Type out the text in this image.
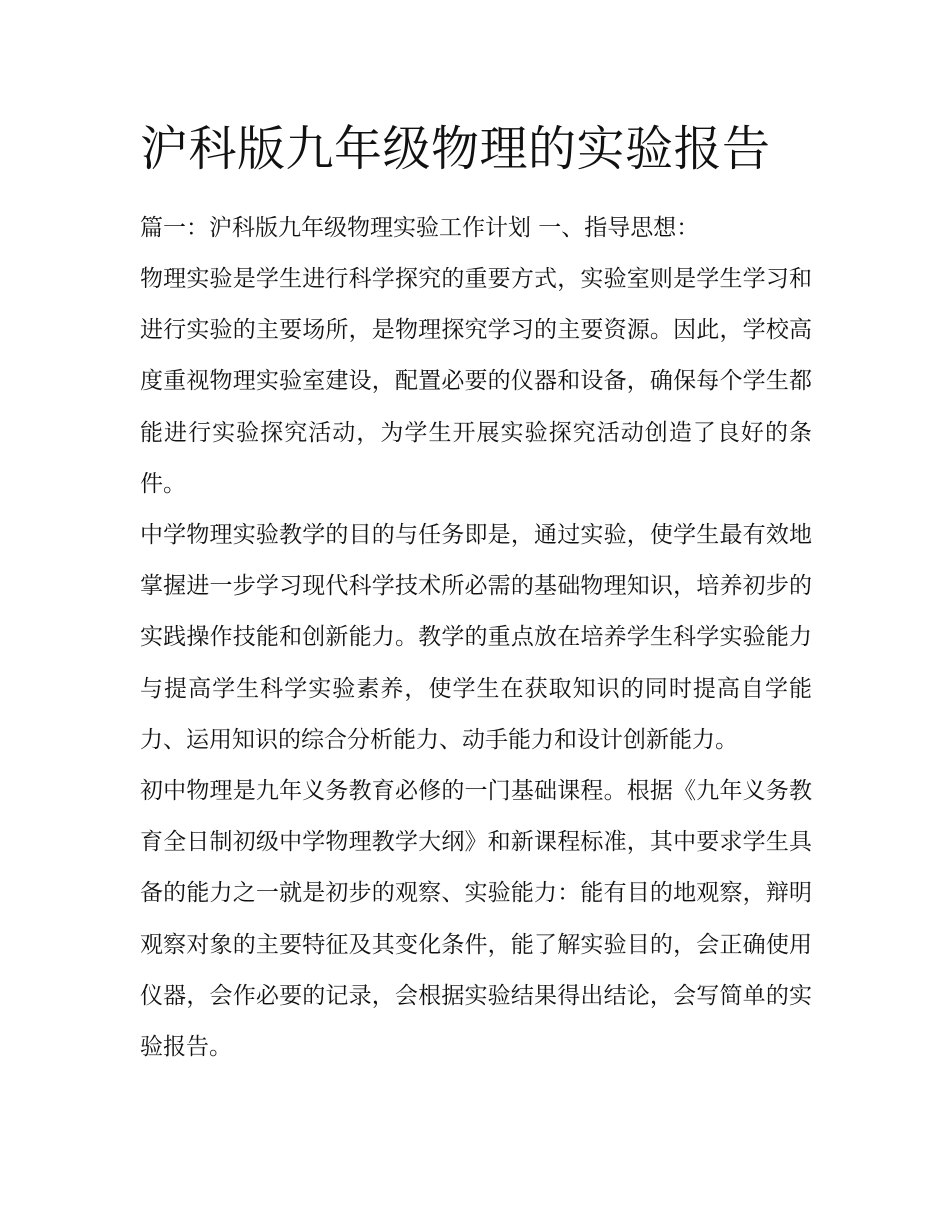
沪科版九年级物理的实验报告

篇一：沪科版九年级物理实验工作计划 一、指导思想：

物理实验是学生进行科学探究的重要方式，实验室则是学生学习和进行实验的主要场所，是物理探究学习的主要资源。因此，学校高度重视物理实验室建设，配置必要的仪器和设备，确保每个学生都能进行实验探究活动，为学生开展实验探究活动创造了良好的条件。

中学物理实验教学的目的与任务即是，通过实验，使学生最有效地掌握进一步学习现代科学技术所必需的基础物理知识，培养初步的实践操作技能和创新能力。教学的重点放在培养学生科学实验能力与提高学生科学实验素养，使学生在获取知识的同时提高自学能力、运用知识的综合分析能力、动手能力和设计创新能力。

初中物理是九年义务教育必修的一门基础课程。根据《九年义务教育全日制初级中学物理教学大纲》和新课程标准，其中要求学生具备的能力之一就是初步的观察、实验能力：能有目的地观察，辩明观察对象的主要特征及其变化条件，能了解实验目的，会正确使用仪器，会作必要的记录，会根据实验结果得出结论，会写简单的实验报告。
